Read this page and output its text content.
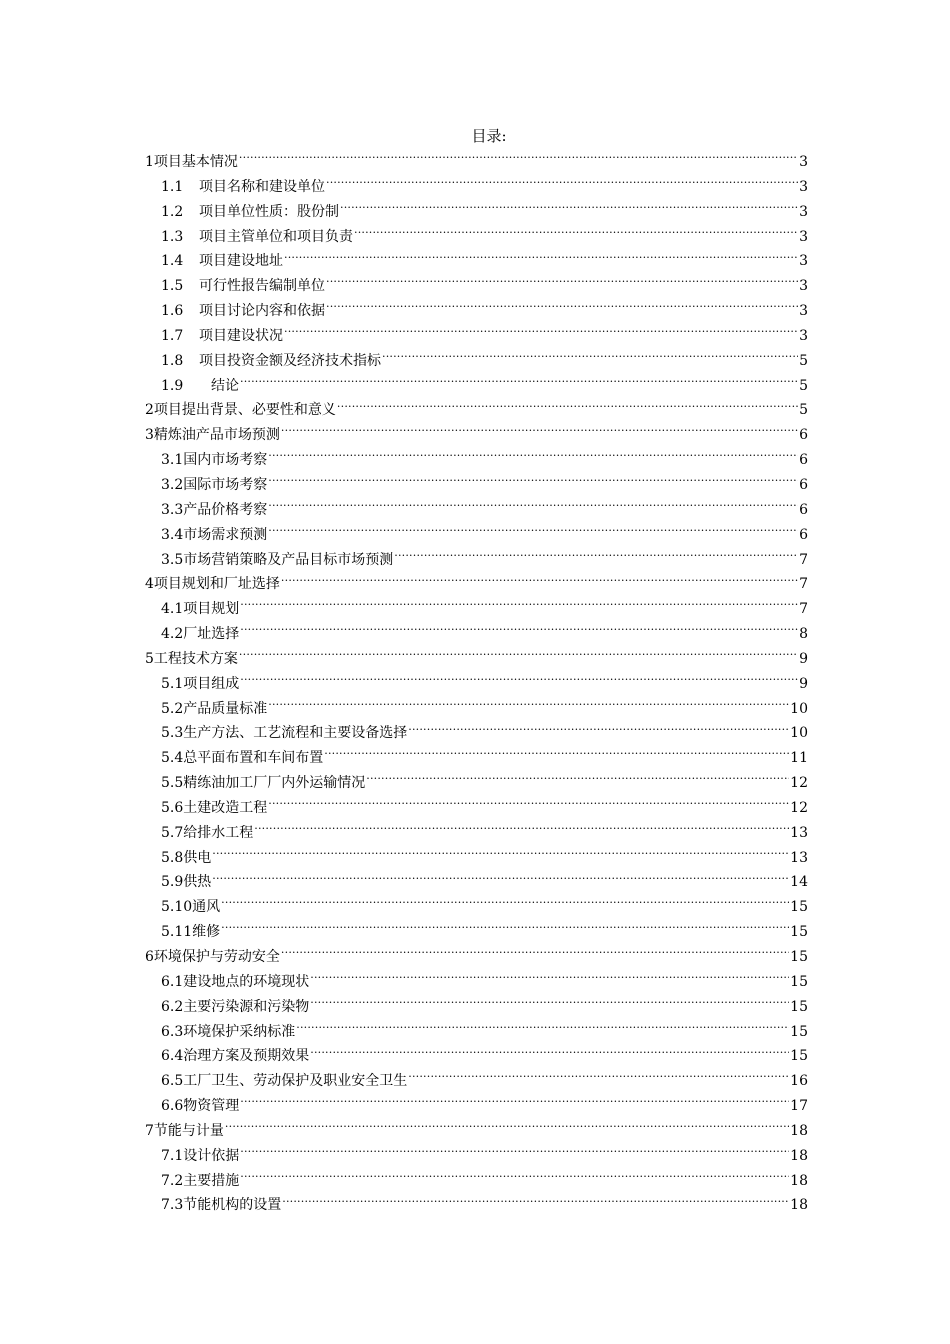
目录:
1 项目基本情况 .....	3
1.1	项目名称和建设单位 .....	3
1.2	项目单位性质：股份制 .....	3
1.3	项目主管单位和项目负责 .....	3
1.4	项目建设地址 .....	3
1.5	可行性报告编制单位 .....	3
1.6	项目讨论内容和依据 .....	3
1.7	项目建设状况 .....	3
1.8	项目投资金额及经济技术指标 .....	5
1.9	结论 .....	5
2 项目提出背景、必要性和意义 .....	5
3 精炼油产品市场预测 .....	6
3.1 国内市场考察 .....	6
3.2 国际市场考察 .....	6
3.3 产品价格考察 .....	6
3.4 市场需求预测 .....	6
3.5 市场营销策略及产品目标市场预测 .....	7
4 项目规划和厂址选择 .....	7
4.1 项目规划 .....	7
4.2 厂址选择 .....	8
5 工程技术方案 .....	9
5.1 项目组成 .....	9
5.2 产品质量标准 .....	10
5.3 生产方法、工艺流程和主要设备选择 .....	10
5.4 总平面布置和车间布置 .....	11
5.5 精练油加工厂厂内外运输情况 .....	12
5.6 土建改造工程 .....	12
5.7 给排水工程 .....	13
5.8 供电 .....	13
5.9 供热 .....	14
5.10 通风 .....	15
5.11 维修 .....	15
6 环境保护与劳动安全 .....	15
6.1 建设地点的环境现状 .....	15
6.2 主要污染源和污染物 .....	15
6.3 环境保护采纳标准 .....	15
6.4 治理方案及预期效果 .....	15
6.5 工厂卫生、劳动保护及职业安全卫生 .....	16
6.6 物资管理 .....	17
7 节能与计量 .....	18
7.1 设计依据 .....	18
7.2 主要措施 .....	18
7.3 节能机构的设置 .....	18
